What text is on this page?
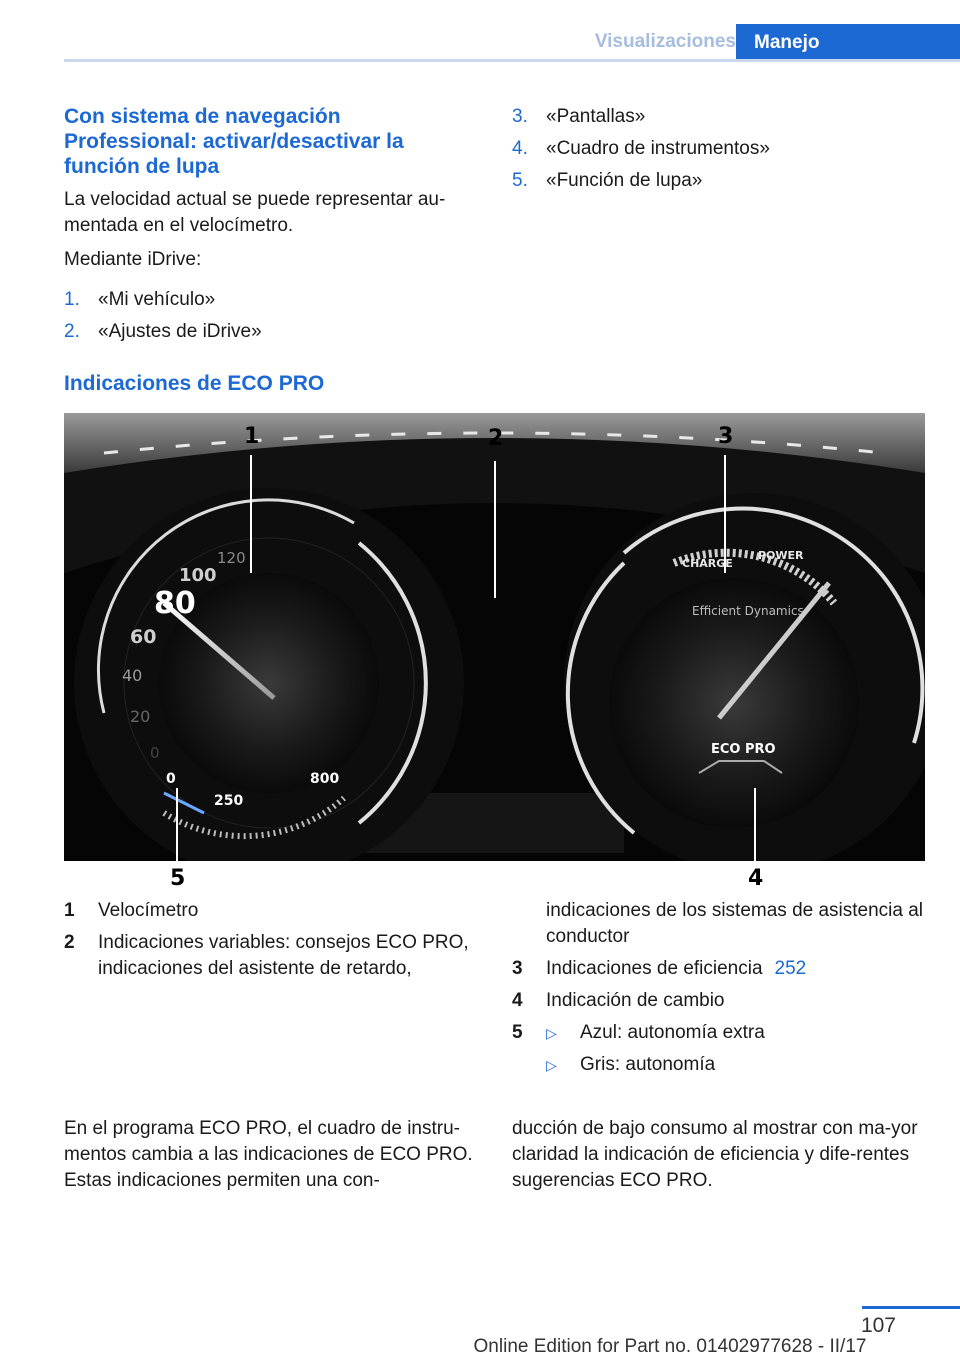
Visualizaciones Manejo
Con sistema de navegación Professional: activar/desactivar la función de lupa

La velocidad actual se puede representar au-mentada en el velocímetro.

Mediante iDrive:

1. «Mi vehículo»
2. «Ajustes de iDrive»
3. «Pantallas»
4. «Cuadro de instrumentos»
5. «Función de lupa»
Indicaciones de ECO PRO
80
100
120
60
40
20
0
0
250
800
CHARGE
POWER
Efficient Dynamics
ECO PRO
1	2	3
4
5
1 Velocímetro
2 Indicaciones variables: consejos ECO PRO, indicaciones del asistente de retardo,
indicaciones de los sistemas de asistencia al conductor
3 Indicaciones de eficiencia 252
4 Indicación de cambio
5 ▷ Azul: autonomía extra
▷ Gris: autonomía
En el programa ECO PRO, el cuadro de instru-mentos cambia a las indicaciones de ECO PRO. Estas indicaciones permiten una con-
ducción de bajo consumo al mostrar con ma-yor claridad la indicación de eficiencia y dife-rentes sugerencias ECO PRO.
107
Online Edition for Part no. 01402977628 - II/17
